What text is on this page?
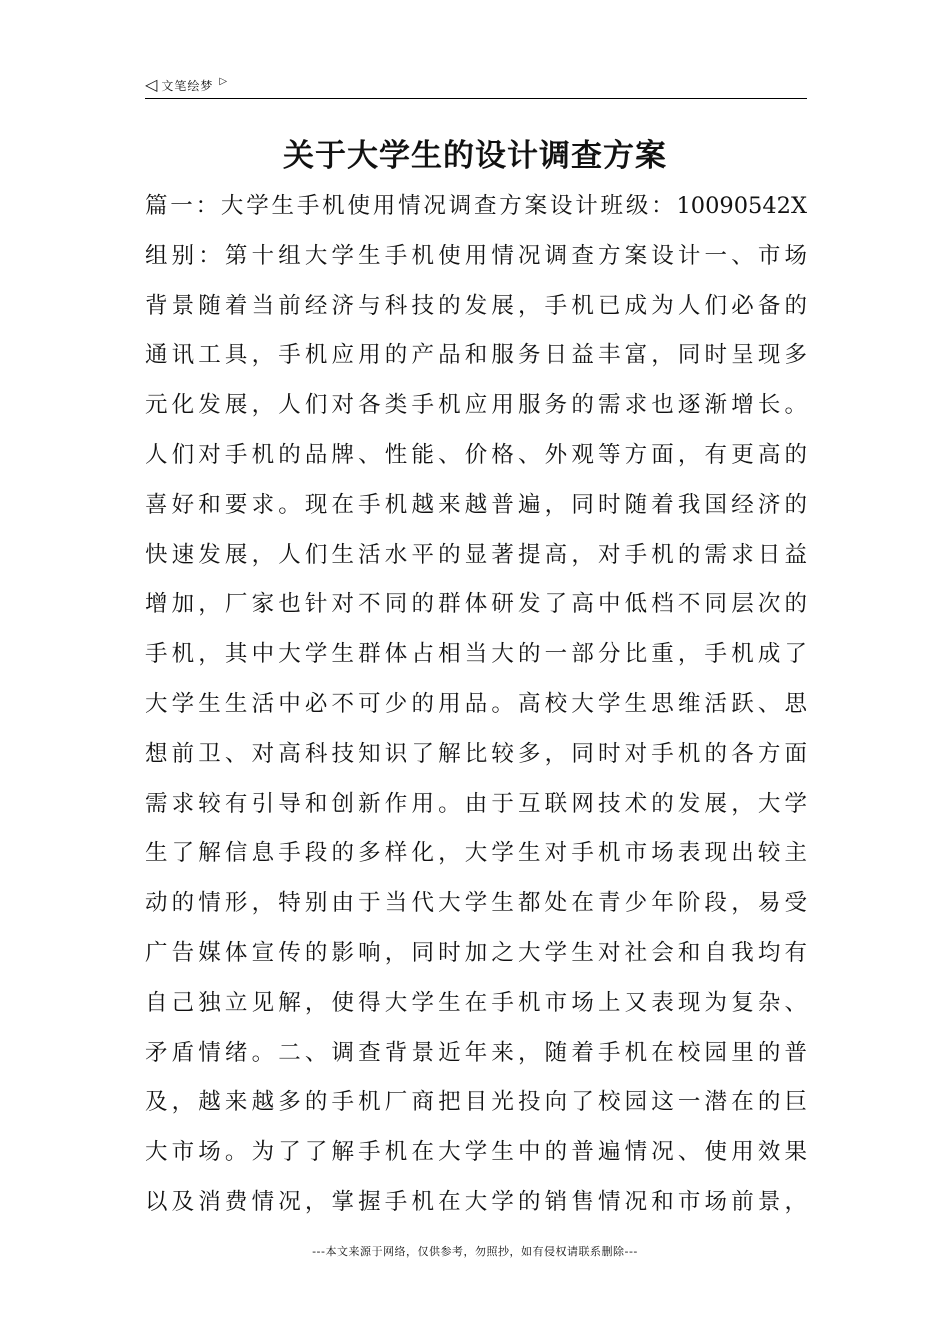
◁ 文笔绘梦 ▷
关于大学生的设计调查方案
篇一：大学生手机使用情况调查方案设计班级：10090542X
组别：第十组大学生手机使用情况调查方案设计一、市场
背景随着当前经济与科技的发展，手机已成为人们必备的
通讯工具，手机应用的产品和服务日益丰富，同时呈现多
元化发展，人们对各类手机应用服务的需求也逐渐增长。
人们对手机的品牌、性能、价格、外观等方面，有更高的
喜好和要求。现在手机越来越普遍，同时随着我国经济的
快速发展，人们生活水平的显著提高，对手机的需求日益
增加，厂家也针对不同的群体研发了高中低档不同层次的
手机，其中大学生群体占相当大的一部分比重，手机成了
大学生生活中必不可少的用品。高校大学生思维活跃、思
想前卫、对高科技知识了解比较多，同时对手机的各方面
需求较有引导和创新作用。由于互联网技术的发展，大学
生了解信息手段的多样化，大学生对手机市场表现出较主
动的情形，特别由于当代大学生都处在青少年阶段，易受
广告媒体宣传的影响，同时加之大学生对社会和自我均有
自己独立见解，使得大学生在手机市场上又表现为复杂、
矛盾情绪。二、调查背景近年来，随着手机在校园里的普
及，越来越多的手机厂商把目光投向了校园这一潜在的巨
大市场。为了了解手机在大学生中的普遍情况、使用效果
以及消费情况，掌握手机在大学的销售情况和市场前景，
---本文来源于网络，仅供参考，勿照抄，如有侵权请联系删除---
